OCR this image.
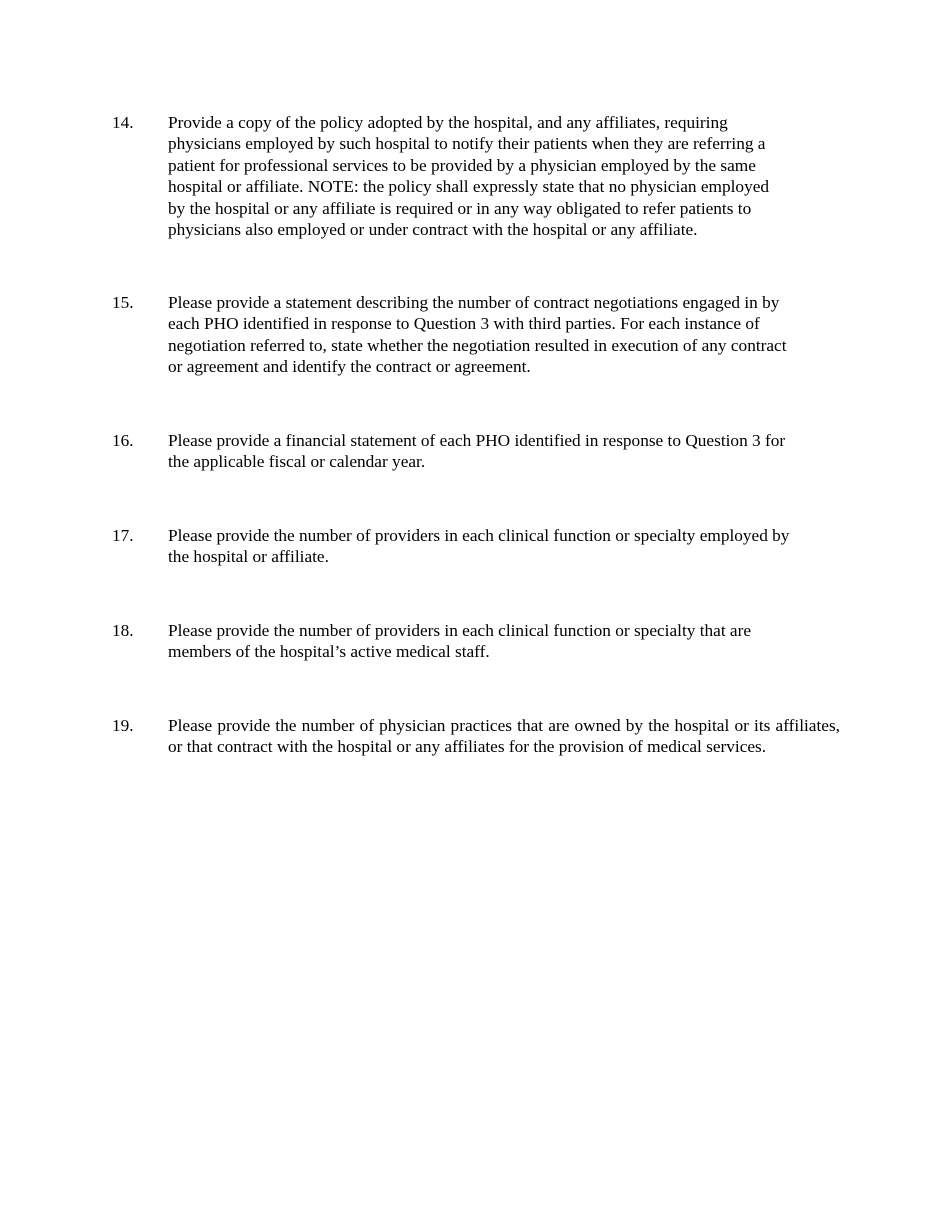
14.	Provide a copy of the policy adopted by the hospital, and any affiliates, requiring
physicians employed by such hospital to notify their patients when they are referring a
patient for professional services to be provided by a physician employed by the same
hospital or affiliate. NOTE: the policy shall expressly state that no physician employed
by the hospital or any affiliate is required or in any way obligated to refer patients to
physicians also employed or under contract with the hospital or any affiliate.
15.	Please provide a statement describing the number of contract negotiations engaged in by
each PHO identified in response to Question 3 with third parties. For each instance of
negotiation referred to, state whether the negotiation resulted in execution of any contract
or agreement and identify the contract or agreement.
16.	Please provide a financial statement of each PHO identified in response to Question 3 for
the applicable fiscal or calendar year.
17.	Please provide the number of providers in each clinical function or specialty employed by
the hospital or affiliate.
18.	Please provide the number of providers in each clinical function or specialty that are
members of the hospital’s active medical staff.
19.	Please provide the number of physician practices that are owned by the hospital or its affiliates, or that contract with the hospital or any affiliates for the provision of medical services.
